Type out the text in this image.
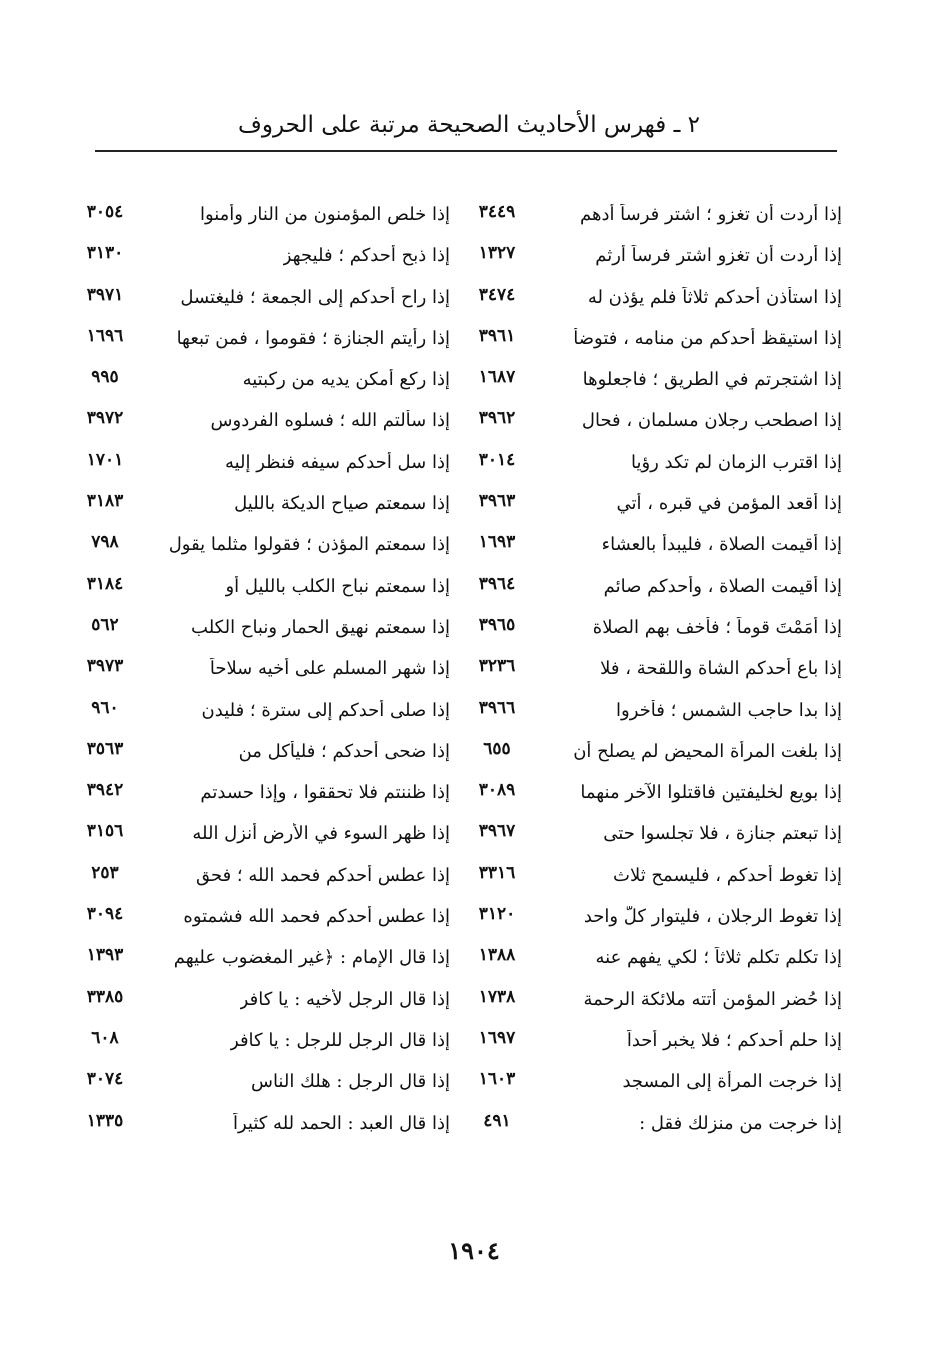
٢ ـ فهرس الأحاديث الصحيحة مرتبة على الحروف
إذا أردت أن تغزو ؛ اشتر فرساً أدهم
٣٤٤٩
إذا أردت أن تغزو اشتر فرساً أرثم
١٣٢٧
إذا استأذن أحدكم ثلاثاً فلم يؤذن له
٣٤٧٤
إذا استيقظ أحدكم من منامه ، فتوضأ
٣٩٦١
إذا اشتجرتم في الطريق ؛ فاجعلوها
١٦٨٧
إذا اصطحب رجلان مسلمان ، فحال
٣٩٦٢
إذا اقترب الزمان لم تكد رؤيا
٣٠١٤
إذا أقعد المؤمن في قبره ، أتي
٣٩٦٣
إذا أقيمت الصلاة ، فليبدأ بالعشاء
١٦٩٣
إذا أقيمت الصلاة ، وأحدكم صائم
٣٩٦٤
إذا أَمَمْتَ قوماً ؛ فأخف بهم الصلاة
٣٩٦٥
إذا باع أحدكم الشاة واللقحة ، فلا
٣٢٣٦
إذا بدا حاجب الشمس ؛ فأخروا
٣٩٦٦
إذا بلغت المرأة المحيض لم يصلح أن
٦٥٥
إذا بويع لخليفتين فاقتلوا الآخر منهما
٣٠٨٩
إذا تبعتم جنازة ، فلا تجلسوا حتى
٣٩٦٧
إذا تغوط أحدكم ، فليسمح ثلاث
٣٣١٦
إذا تغوط الرجلان ، فليتوار كلُّ واحد
٣١٢٠
إذا تكلم تكلم ثلاثاً ؛ لكي يفهم عنه
١٣٨٨
إذا حُضر المؤمن أتته ملائكة الرحمة
١٧٣٨
إذا حلم أحدكم ؛ فلا يخبر أحداً
١٦٩٧
إذا خرجت المرأة إلى المسجد
١٦٠٣
إذا خرجت من منزلك فقل :
٤٩١
إذا خلص المؤمنون من النار وأمنوا
٣٠٥٤
إذا ذبح أحدكم ؛ فليجهز
٣١٣٠
إذا راح أحدكم إلى الجمعة ؛ فليغتسل
٣٩٧١
إذا رأيتم الجنازة ؛ فقوموا ، فمن تبعها
١٦٩٦
إذا ركع أمكن يديه من ركبتيه
٩٩٥
إذا سألتم الله ؛ فسلوه الفردوس
٣٩٧٢
إذا سل أحدكم سيفه فنظر إليه
١٧٠١
إذا سمعتم صياح الديكة بالليل
٣١٨٣
إذا سمعتم المؤذن ؛ فقولوا مثلما يقول
٧٩٨
إذا سمعتم نباح الكلب بالليل أو
٣١٨٤
إذا سمعتم نهيق الحمار ونباح الكلب
٥٦٢
إذا شهر المسلم على أخيه سلاحاً
٣٩٧٣
إذا صلى أحدكم إلى سترة ؛ فليدن
٩٦٠
إذا ضحى أحدكم ؛ فليأكل من
٣٥٦٣
إذا ظننتم فلا تحققوا ، وإذا حسدتم
٣٩٤٢
إذا ظهر السوء في الأرض أنزل الله
٣١٥٦
إذا عطس أحدكم فحمد الله ؛ فحق
٢٥٣
إذا عطس أحدكم فحمد الله فشمتوه
٣٠٩٤
إذا قال الإمام : ﴿غير المغضوب عليهم
١٣٩٣
إذا قال الرجل لأخيه : يا كافر
٣٣٨٥
إذا قال الرجل للرجل : يا كافر
٦٠٨
إذا قال الرجل : هلك الناس
٣٠٧٤
إذا قال العبد : الحمد لله كثيراً
١٣٣٥
١٩٠٤
